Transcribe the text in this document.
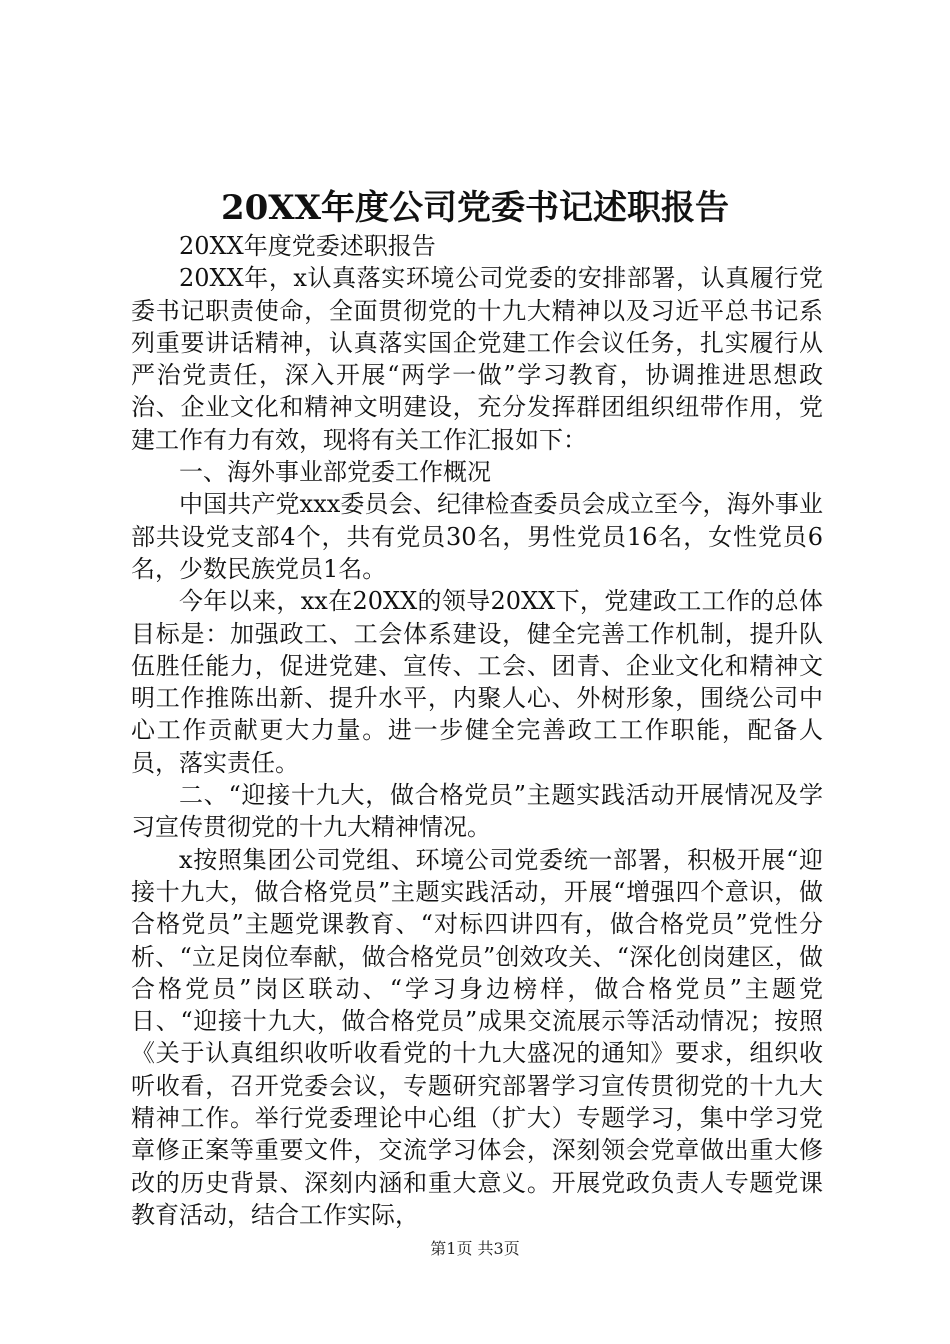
20XX年度公司党委书记述职报告

20XX年度党委述职报告

20XX年，x认真落实环境公司党委的安排部署，认真履行党委书记职责使命，全面贯彻党的十九大精神以及习近平总书记系列重要讲话精神，认真落实国企党建工作会议任务，扎实履行从严治党责任，深入开展“两学一做”学习教育，协调推进思想政治、企业文化和精神文明建设，充分发挥群团组织纽带作用，党建工作有力有效，现将有关工作汇报如下：

一、海外事业部党委工作概况

中国共产党xxx委员会、纪律检查委员会成立至今，海外事业部共设党支部4个，共有党员30名，男性党员16名，女性党员6名，少数民族党员1名。

今年以来，xx在20XX的领导20XX下，党建政工工作的总体目标是：加强政工、工会体系建设，健全完善工作机制，提升队伍胜任能力，促进党建、宣传、工会、团青、企业文化和精神文明工作推陈出新、提升水平，内聚人心、外树形象，围绕公司中心工作贡献更大力量。进一步健全完善政工工作职能，配备人员，落实责任。

二、“迎接十九大，做合格党员”主题实践活动开展情况及学习宣传贯彻党的十九大精神情况。

x按照集团公司党组、环境公司党委统一部署，积极开展“迎接十九大，做合格党员”主题实践活动，开展“增强四个意识，做合格党员”主题党课教育、“对标四讲四有，做合格党员”党性分析、“立足岗位奉献，做合格党员”创效攻关、“深化创岗建区，做合格党员”岗区联动、“学习身边榜样，做合格党员”主题党日、“迎接十九大，做合格党员”成果交流展示等活动情况；按照《关于认真组织收听收看党的十九大盛况的通知》要求，组织收听收看，召开党委会议，专题研究部署学习宣传贯彻党的十九大精神工作。举行党委理论中心组（扩大）专题学习，集中学习党章修正案等重要文件，交流学习体会，深刻领会党章做出重大修改的历史背景、深刻内涵和重大意义。开展党政负责人专题党课教育活动，结合工作实际，

第1页 共3页
